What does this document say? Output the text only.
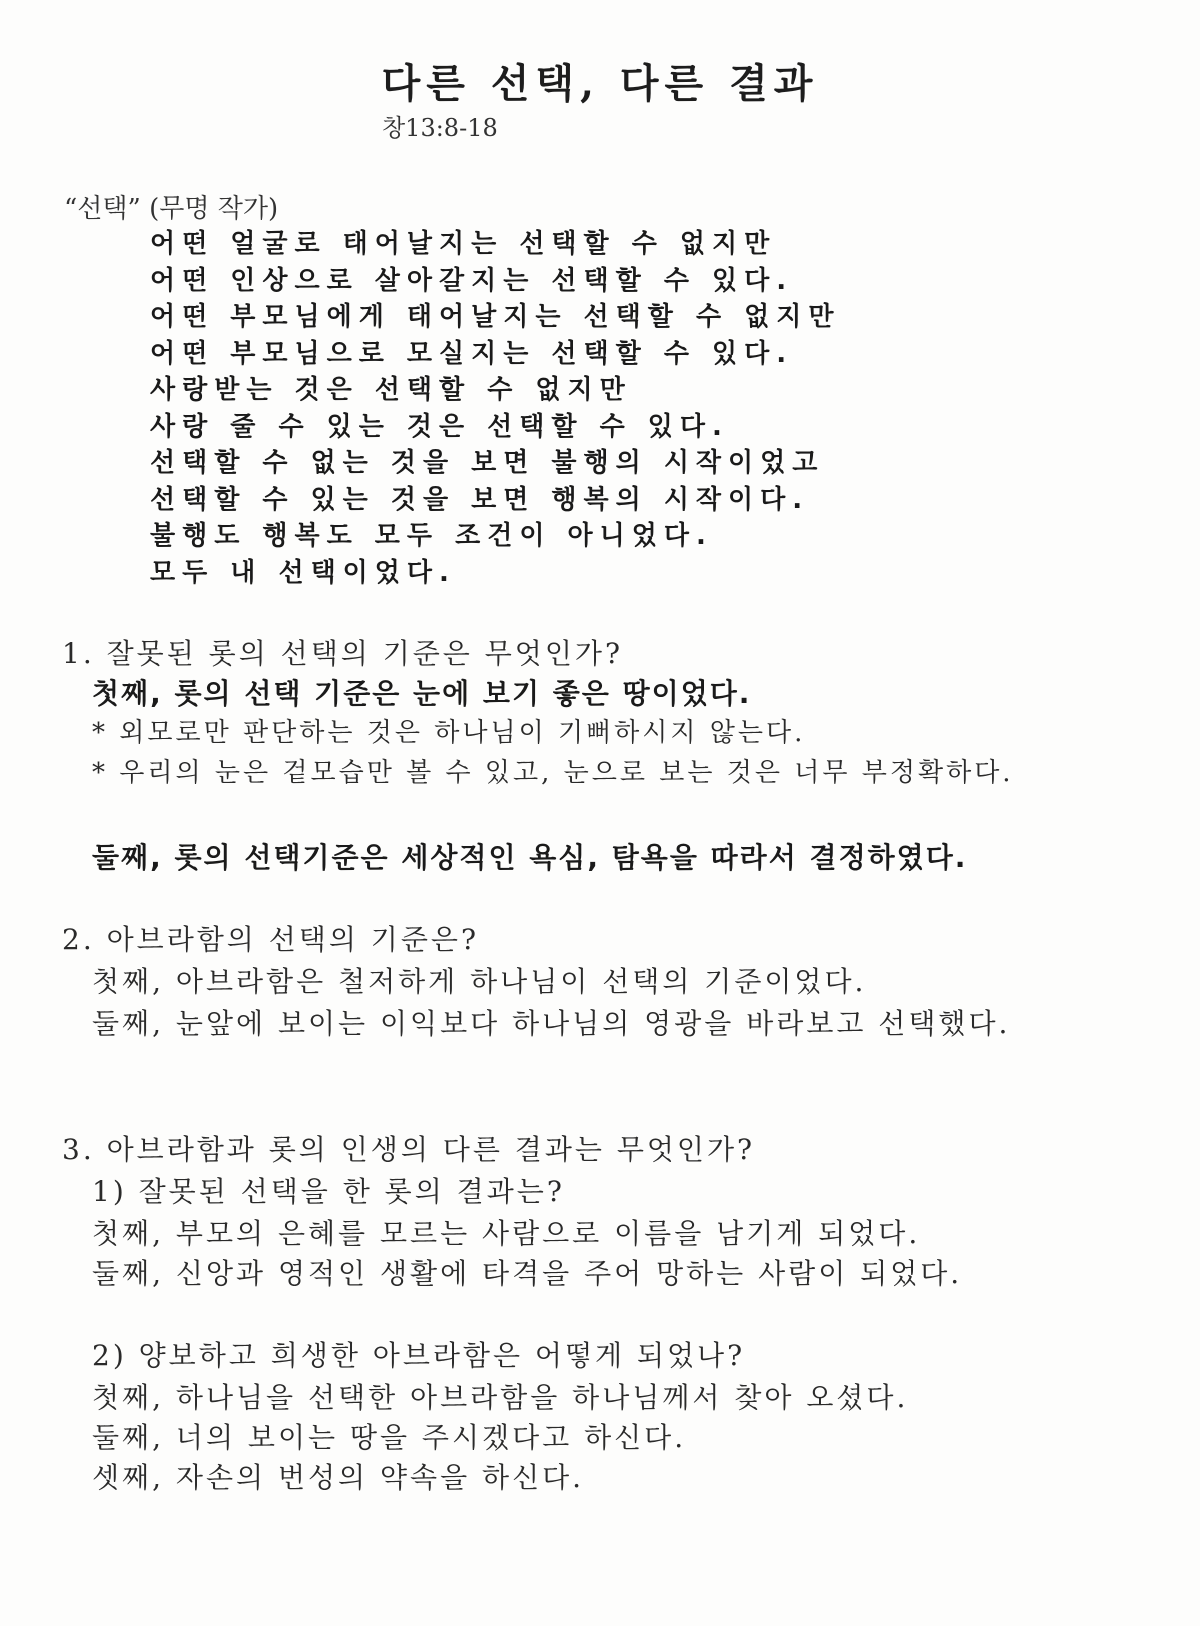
다른 선택, 다른 결과
창13:8-18
“선택” (무명 작가)
어떤 얼굴로 태어날지는 선택할 수 없지만
어떤 인상으로 살아갈지는 선택할 수 있다.
어떤 부모님에게 태어날지는 선택할 수 없지만
어떤 부모님으로 모실지는 선택할 수 있다.
사랑받는 것은 선택할 수 없지만
사랑 줄 수 있는 것은 선택할 수 있다.
선택할 수 없는 것을 보면 불행의 시작이었고
선택할 수 있는 것을 보면 행복의 시작이다.
불행도 행복도 모두 조건이 아니었다.
모두 내 선택이었다.
1. 잘못된 롯의 선택의 기준은 무엇인가?
첫째, 롯의 선택 기준은 눈에 보기 좋은 땅이었다.
* 외모로만 판단하는 것은 하나님이 기뻐하시지 않는다.
* 우리의 눈은 겉모습만 볼 수 있고, 눈으로 보는 것은 너무 부정확하다.
둘째, 롯의 선택기준은 세상적인 욕심, 탐욕을 따라서 결정하였다.
2. 아브라함의 선택의 기준은?
첫째, 아브라함은 철저하게 하나님이 선택의 기준이었다.
둘째, 눈앞에 보이는 이익보다 하나님의 영광을 바라보고 선택했다.
3. 아브라함과 롯의 인생의 다른 결과는 무엇인가?
1) 잘못된 선택을 한 롯의 결과는?
첫째, 부모의 은혜를 모르는 사람으로 이름을 남기게 되었다.
둘째, 신앙과 영적인 생활에 타격을 주어 망하는 사람이 되었다.
2) 양보하고 희생한 아브라함은 어떻게 되었나?
첫째, 하나님을 선택한 아브라함을 하나님께서 찾아 오셨다.
둘째, 너의 보이는 땅을 주시겠다고 하신다.
셋째, 자손의 번성의 약속을 하신다.
